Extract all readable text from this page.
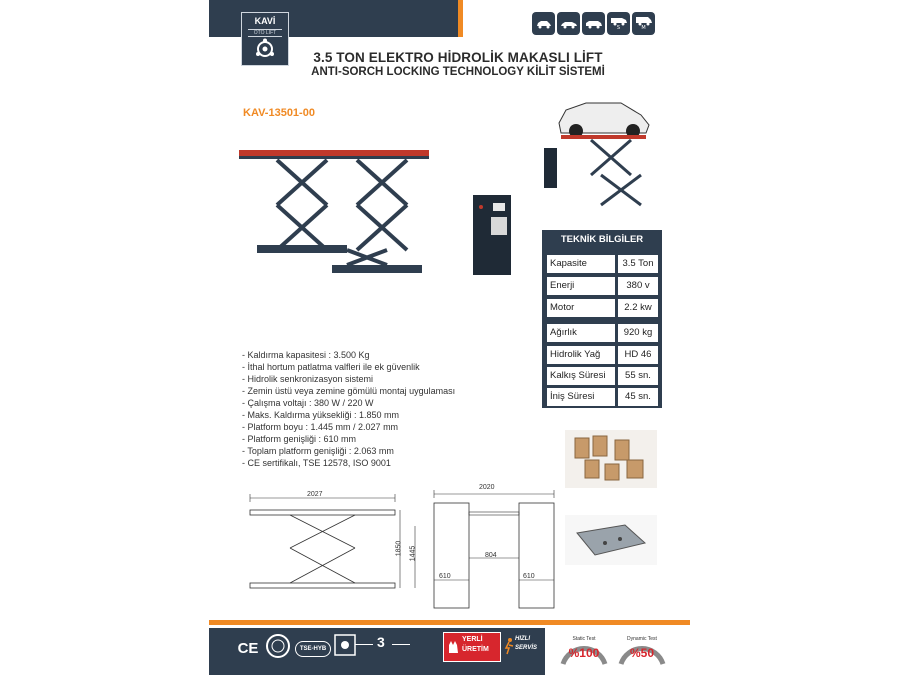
KAVİ
OTO LİFT
S	M
3.5 TON ELEKTRO HİDROLİK MAKASLI LİFT
ANTI-SORCH LOCKING TECHNOLOGY KİLİT SİSTEMİ
KAV-13501-00
TEKNİK BİLGİLER
Kapasite	3.5 Ton
Enerji	380 v
Motor	2.2 kw
Ağırlık	920 kg
Hidrolik Yağ	HD 46
Kalkış Süresi	55 sn.
İniş Süresi	45 sn.
- Kaldırma kapasitesi : 3.500 Kg
- İthal hortum patlatma valfleri ile ek güvenlik
- Hidrolik senkronizasyon sistemi
- Zemin üstü veya zemine gömülü montaj uygulaması
- Çalışma voltajı : 380 W / 220 W
- Maks. Kaldırma yüksekliği : 1.850 mm
- Platform boyu : 1.445 mm / 2.027 mm
- Platform genişliği : 610 mm
- Toplam platform genişliği : 2.063 mm
- CE sertifikalı, TSE 12578, ISO 9001
2027
1850 1445
2020
804
610	610
CE	TSE-HYB	3	YERLİ
ÜRETİM
HIZLI
SERVİS
Static Test
%100
Dynamic Test
%50
